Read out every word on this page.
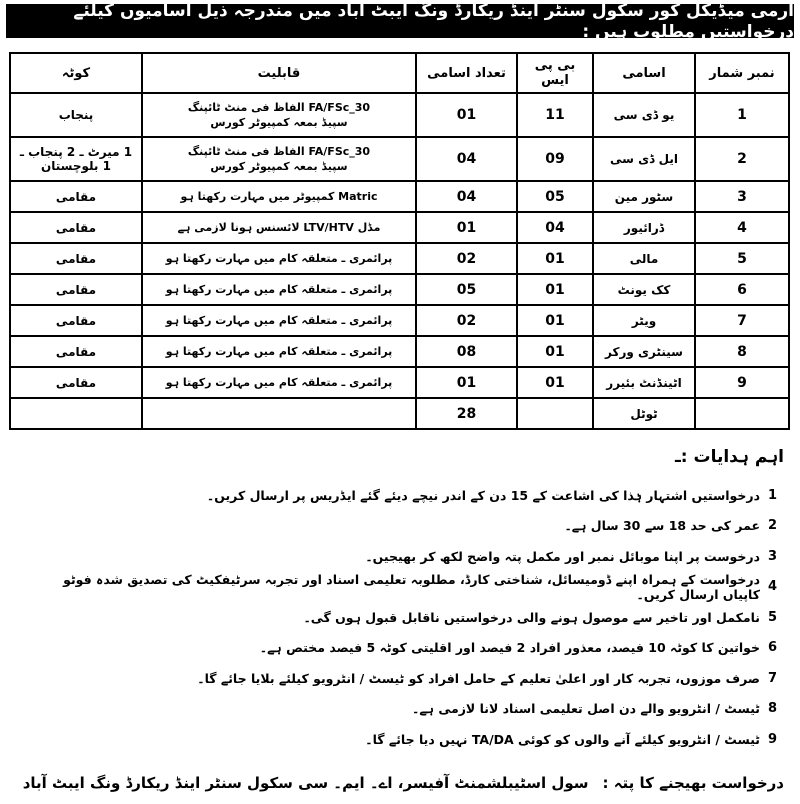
آرمی میڈیکل کور سکول سنٹر اینڈ ریکارڈ ونگ ایبٹ آباد میں مندرجہ ذیل اسامیوں کیلئے درخواستیں مطلوب ہیں :
نمبر شمار	اسامی	بی پی ایس	تعداد اسامی	قابلیت	کوٹہ
1	یو ڈی سی	11	01	30_FA/FSc الفاظ فی منٹ ٹائپنگ
سپیڈ بمعہ کمپیوٹر کورس	پنجاب
2	ایل ڈی سی	09	04	30_FA/FSc الفاظ فی منٹ ٹائپنگ
سپیڈ بمعہ کمپیوٹر کورس	1 میرٹ ـ 2 پنجاب ـ 1 بلوچستان
3	سٹور مین	05	04	Matric کمپیوٹر میں مہارت رکھتا ہو	مقامی
4	ڈرائیور	04	01	مڈل LTV/HTV لائسنس ہونا لازمی ہے	مقامی
5	مالی	01	02	پرائمری ـ متعلقہ کام میں مہارت رکھتا ہو	مقامی
6	کک یونٹ	01	05	پرائمری ـ متعلقہ کام میں مہارت رکھتا ہو	مقامی
7	ویٹر	01	02	پرائمری ـ متعلقہ کام میں مہارت رکھتا ہو	مقامی
8	سینٹری ورکر	01	08	پرائمری ـ متعلقہ کام میں مہارت رکھتا ہو	مقامی
9	اٹینڈنٹ بئیرر	01	01	پرائمری ـ متعلقہ کام میں مہارت رکھتا ہو	مقامی
	ٹوٹل		28		
اہم ہدایات :ـ
1
درخواستیں اشتہار ہٰذا کی اشاعت کے 15 دن کے اندر نیچے دیئے گئے ایڈریس پر ارسال کریں۔
2
عمر کی حد 18 سے 30 سال ہے۔
3
درخوست پر اپنا موبائل نمبر اور مکمل پتہ واضح لکھ کر بھیجیں۔
4
درخواست کے ہمراہ اپنے ڈومیسائل، شناختی کارڈ، مطلوبہ تعلیمی اسناد اور تجربہ سرٹیفکیٹ کی تصدیق شدہ فوٹو کاپیاں ارسال کریں۔
5
نامکمل اور تاخیر سے موصول ہونے والی درخواستیں ناقابل قبول ہوں گی۔
6
خواتین کا کوٹہ 10 فیصد، معذور افراد 2 فیصد اور اقلیتی کوٹہ 5 فیصد مختص ہے۔
7
صرف موزوں، تجربہ کار اور اعلیٰ تعلیم کے حامل افراد کو ٹیسٹ / انٹرویو کیلئے بلایا جائے گا۔
8
ٹیسٹ / انٹرویو والے دن اصل تعلیمی اسناد لانا لازمی ہے۔
9
ٹیسٹ / انٹرویو کیلئے آنے والوں کو کوئی TA/DA نہیں دیا جائے گا۔
درخواست بھیجنے کا پتہ :
سول اسٹیبلشمنٹ آفیسر، اے۔ ایم۔ سی سکول سنٹر اینڈ ریکارڈ ونگ ایبٹ آباد
